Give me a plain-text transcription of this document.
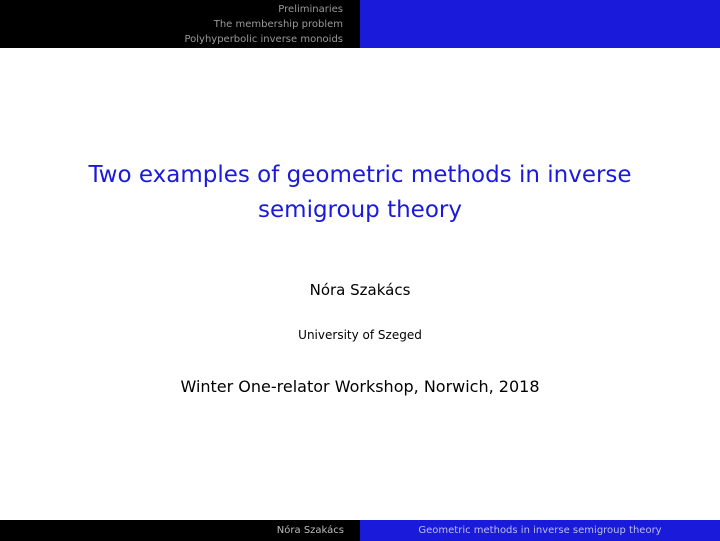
Preliminaries
The membership problem
Polyhyperbolic inverse monoids
Two examples of geometric methods in inverse semigroup theory
Nóra Szakács
University of Szeged
Winter One-relator Workshop, Norwich, 2018
Nóra Szakács	Geometric methods in inverse semigroup theory
